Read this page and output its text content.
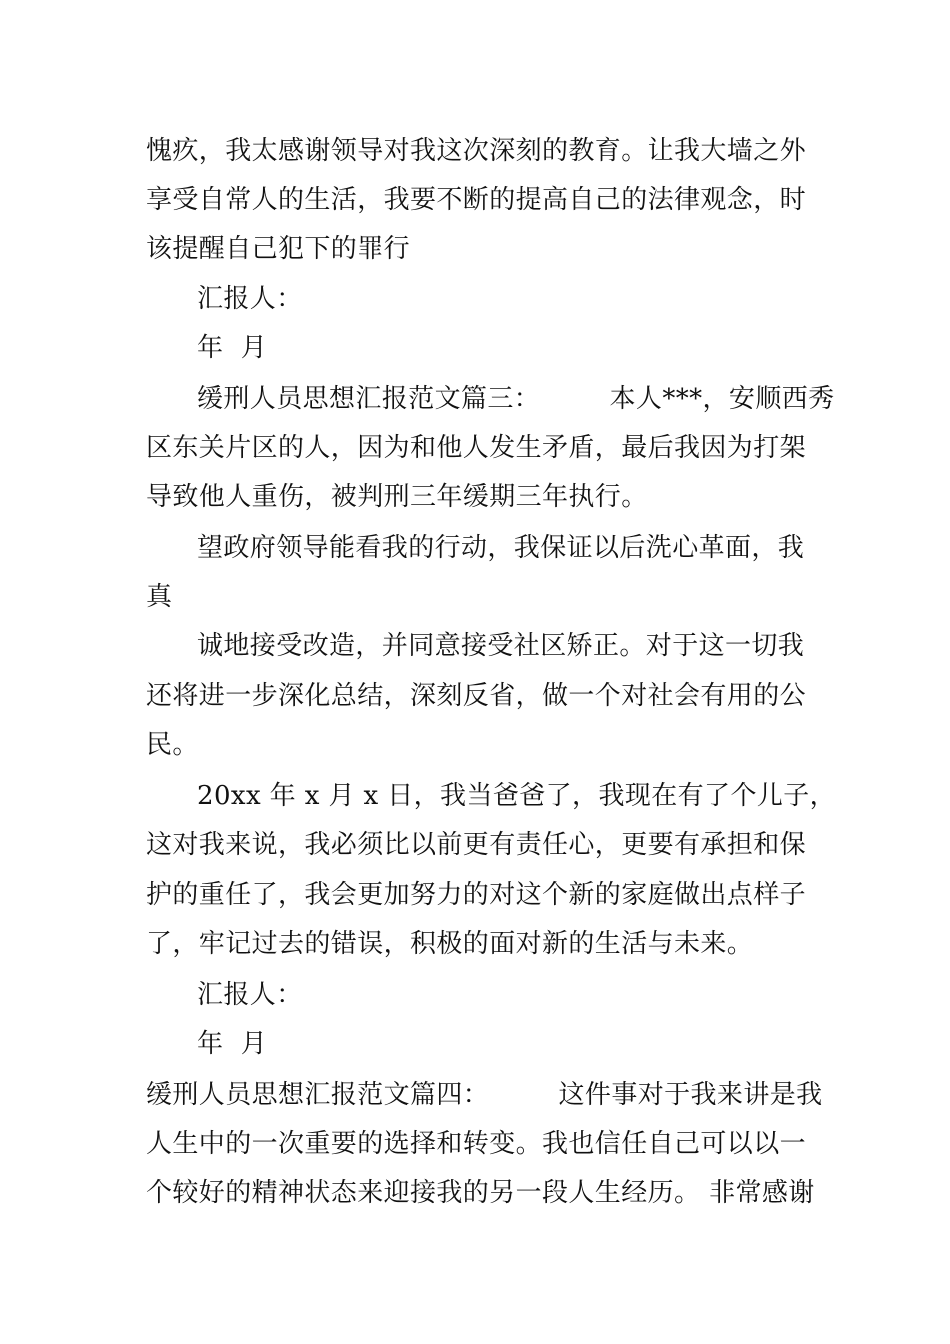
愧疚，我太感谢领导对我这次深刻的教育。让我大墙之外
享受自常人的生活，我要不断的提高自己的法律观念，时
该提醒自己犯下的罪行
汇报人：
年  月
缓刑人员思想汇报范文篇三：        本人***，安顺西秀
区东关片区的人，因为和他人发生矛盾，最后我因为打架
导致他人重伤，被判刑三年缓期三年执行。
望政府领导能看我的行动，我保证以后洗心革面，我
真
诚地接受改造，并同意接受社区矫正。对于这一切我
还将进一步深化总结，深刻反省，做一个对社会有用的公
民。
20xx 年 x 月 x 日，我当爸爸了，我现在有了个儿子，
这对我来说，我必须比以前更有责任心，更要有承担和保
护的重任了，我会更加努力的对这个新的家庭做出点样子
了，牢记过去的错误，积极的面对新的生活与未来。
汇报人：
年  月
缓刑人员思想汇报范文篇四：        这件事对于我来讲是我
人生中的一次重要的选择和转变。我也信任自己可以以一
个较好的精神状态来迎接我的另一段人生经历。 非常感谢
